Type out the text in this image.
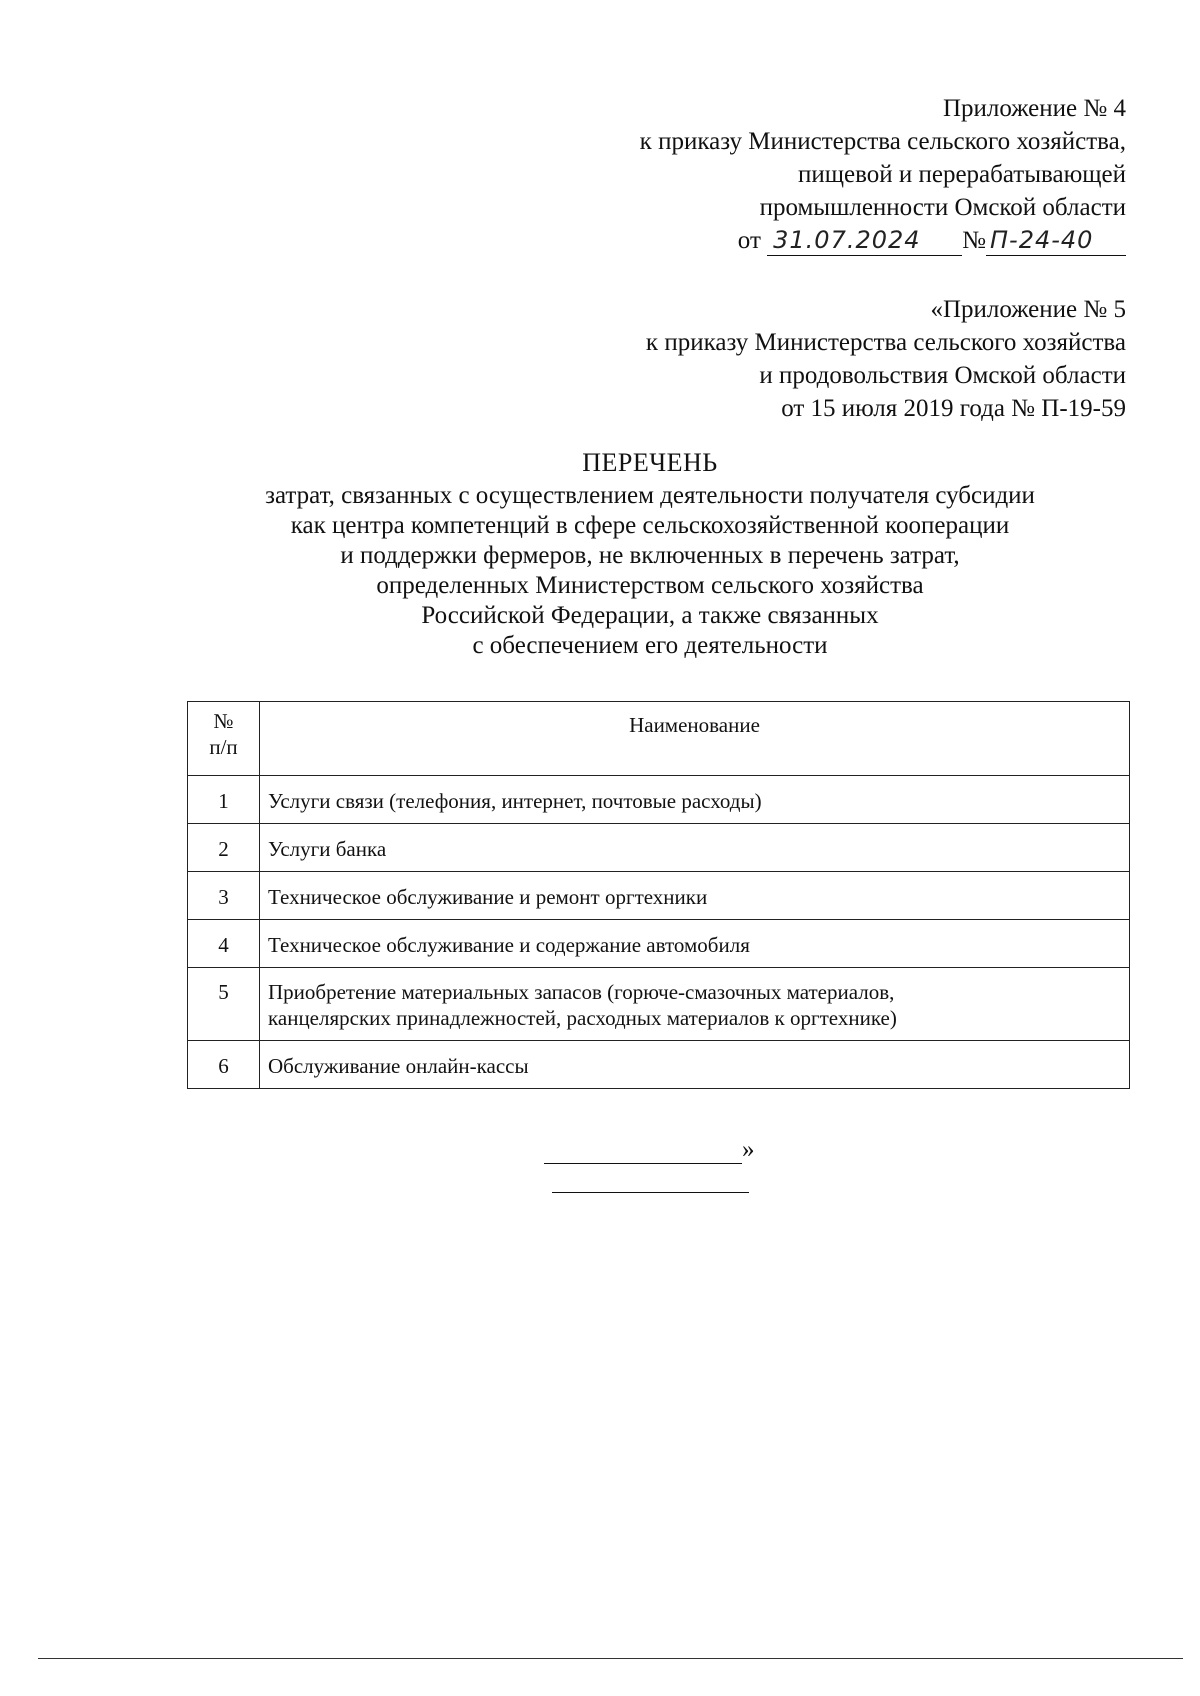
Приложение № 4
к приказу Министерства сельского хозяйства,
пищевой и перерабатывающей
промышленности Омской области
от 31.07.2024 № П-24-40
«Приложение № 5
к приказу Министерства сельского хозяйства
и продовольствия Омской области
от 15 июля 2019 года № П-19-59
ПЕРЕЧЕНЬ
затрат, связанных с осуществлением деятельности получателя субсидии
как центра компетенций в сфере сельскохозяйственной кооперации
и поддержки фермеров, не включенных в перечень затрат,
определенных Министерством сельского хозяйства
Российской Федерации, а также связанных
с обеспечением его деятельности
№
п/п	Наименование
1	Услуги связи (телефония, интернет, почтовые расходы)
2	Услуги банка
3	Техническое обслуживание и ремонт оргтехники
4	Техническое обслуживание и содержание автомобиля
5	Приобретение материальных запасов (горюче-смазочных материалов,
канцелярских принадлежностей, расходных материалов к оргтехнике)

6	Обслуживание онлайн-кассы
»
